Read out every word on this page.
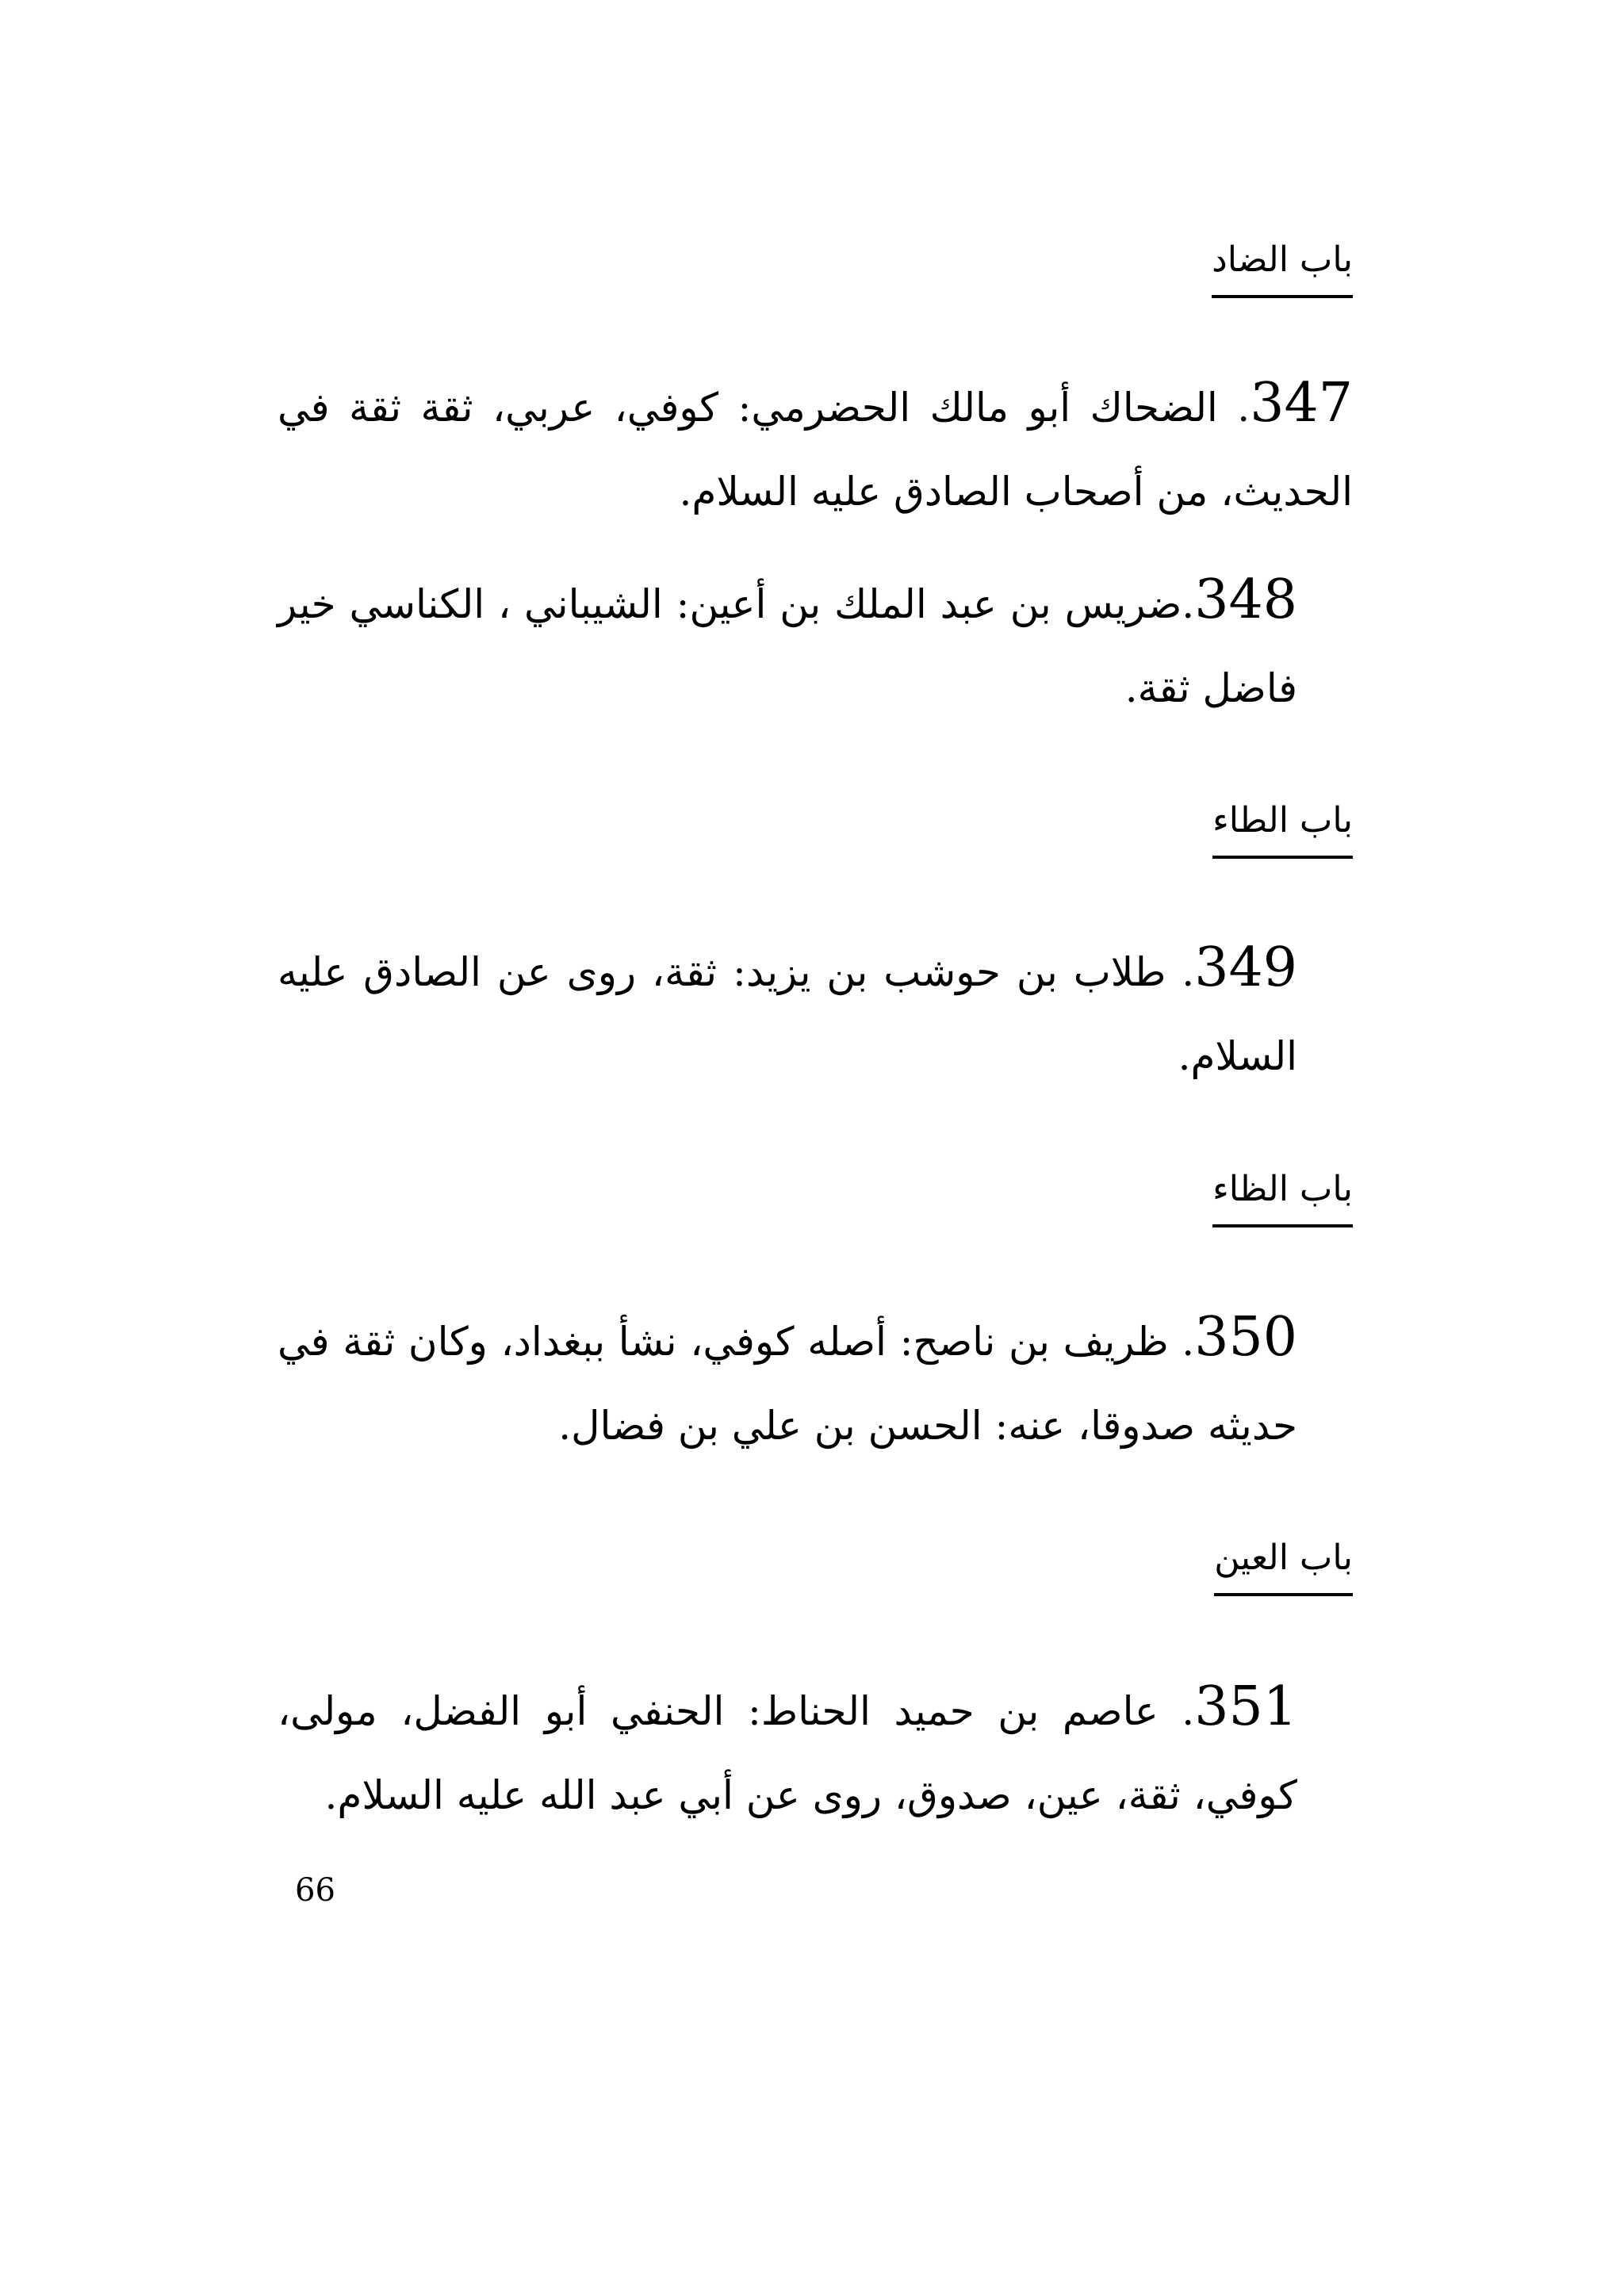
باب الضاد
347. الضحاك أبو مالك الحضرمي: كوفي، عربي، ثقة ثقة في الحديث، من أصحاب الصادق عليه السلام.
348.ضريس بن عبد الملك بن أعين: الشيباني ، الكناسي خير فاضل ثقة.
باب الطاء
349. طلاب بن حوشب بن يزيد: ثقة، روى عن الصادق عليه السلام.
باب الظاء
350. ظريف بن ناصح: أصله كوفي، نشأ ببغداد، وكان ثقة في حديثه صدوقا، عنه: الحسن بن علي بن فضال.
باب العين
351. عاصم بن حميد الحناط: الحنفي أبو الفضل، مولى، كوفي، ثقة، عين، صدوق، روى عن أبي عبد الله عليه السلام.
66
